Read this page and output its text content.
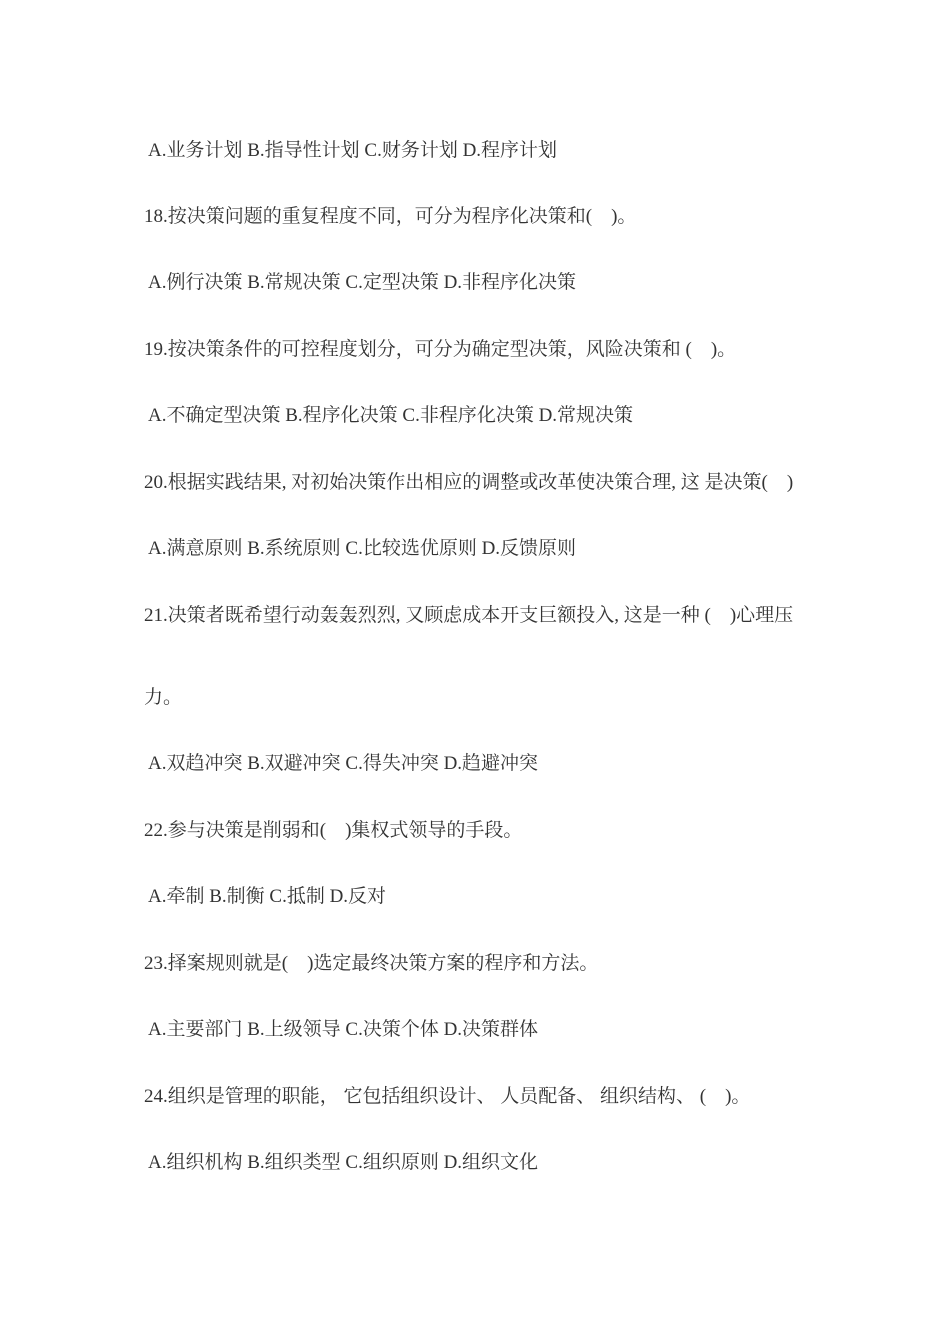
A.业务计划 B.指导性计划 C.财务计划 D.程序计划

18.按决策问题的重复程度不同，可分为程序化决策和(    )。

A.例行决策 B.常规决策 C.定型决策 D.非程序化决策

19.按决策条件的可控程度划分，可分为确定型决策，风险决策和 (    )。

A.不确定型决策 B.程序化决策 C.非程序化决策 D.常规决策

20.根据实践结果, 对初始决策作出相应的调整或改革使决策合理, 这 是决策(    )

A.满意原则 B.系统原则 C.比较选优原则 D.反馈原则

21.决策者既希望行动轰轰烈烈, 又顾虑成本开支巨额投入, 这是一种 (    )心理压

力。

A.双趋冲突 B.双避冲突 C.得失冲突 D.趋避冲突

22.参与决策是削弱和(    )集权式领导的手段。

A.牵制 B.制衡 C.抵制 D.反对

23.择案规则就是(    )选定最终决策方案的程序和方法。

A.主要部门 B.上级领导 C.决策个体 D.决策群体

24.组织是管理的职能， 它包括组织设计、 人员配备、 组织结构、 (    )。

A.组织机构 B.组织类型 C.组织原则 D.组织文化
